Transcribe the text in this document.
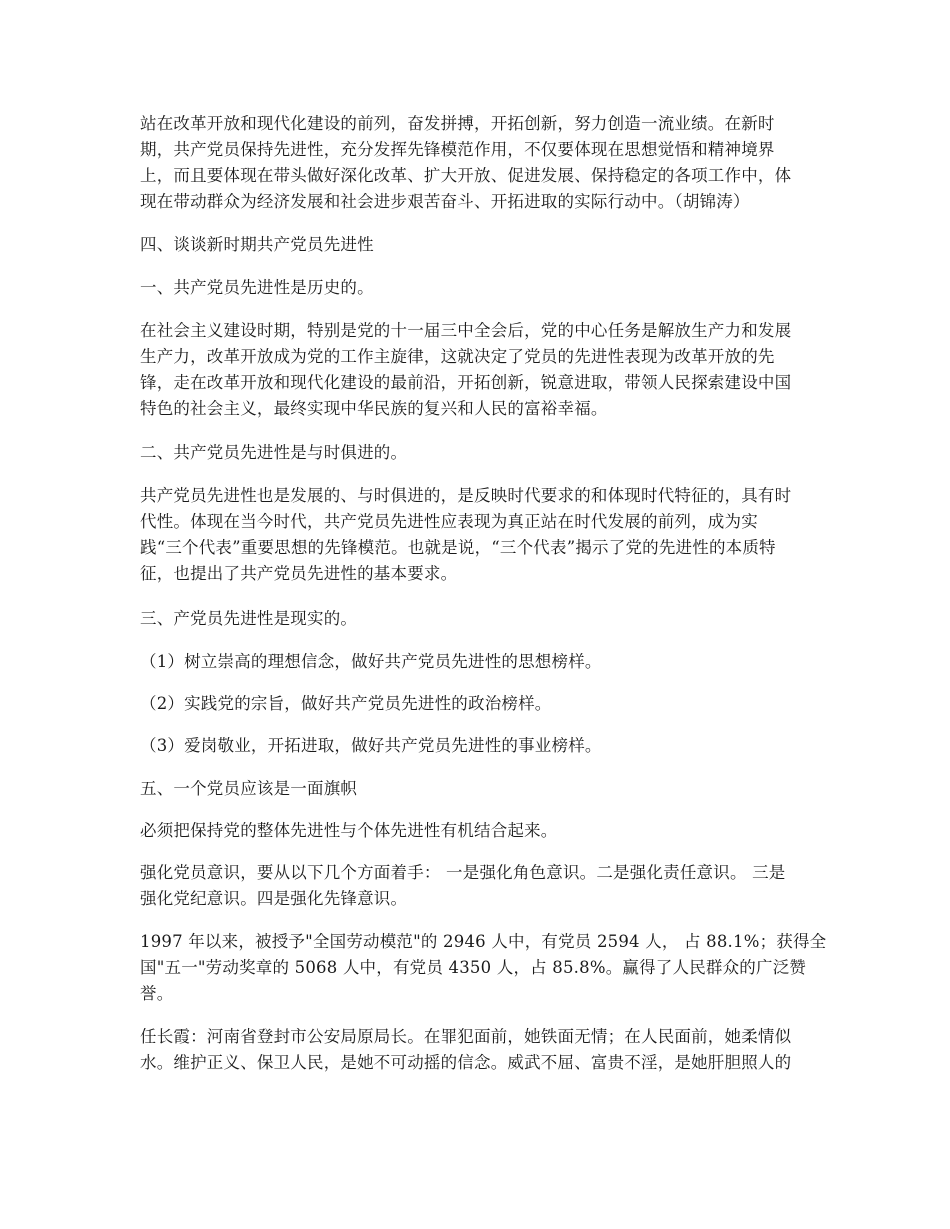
站在改革开放和现代化建设的前列，奋发拼搏，开拓创新，努力创造一流业绩。在新时
期，共产党员保持先进性，充分发挥先锋模范作用，不仅要体现在思想觉悟和精神境界
上，而且要体现在带头做好深化改革、扩大开放、促进发展、保持稳定的各项工作中，体
现在带动群众为经济发展和社会进步艰苦奋斗、开拓进取的实际行动中。（胡锦涛）

四、谈谈新时期共产党员先进性

一、共产党员先进性是历史的。

在社会主义建设时期，特别是党的十一届三中全会后，党的中心任务是解放生产力和发展
生产力，改革开放成为党的工作主旋律，这就决定了党员的先进性表现为改革开放的先
锋，走在改革开放和现代化建设的最前沿，开拓创新，锐意进取，带领人民探索建设中国
特色的社会主义，最终实现中华民族的复兴和人民的富裕幸福。

二、共产党员先进性是与时俱进的。

共产党员先进性也是发展的、与时俱进的，是反映时代要求的和体现时代特征的，具有时
代性。体现在当今时代，共产党员先进性应表现为真正站在时代发展的前列，成为实
践“三个代表”重要思想的先锋模范。也就是说，“三个代表”揭示了党的先进性的本质特
征，也提出了共产党员先进性的基本要求。

三、产党员先进性是现实的。

（1）树立崇高的理想信念，做好共产党员先进性的思想榜样。

（2）实践党的宗旨，做好共产党员先进性的政治榜样。

（3）爱岗敬业，开拓进取，做好共产党员先进性的事业榜样。

五、一个党员应该是一面旗帜

必须把保持党的整体先进性与个体先进性有机结合起来。

强化党员意识，要从以下几个方面着手： 一是强化角色意识。二是强化责任意识。 三是
强化党纪意识。四是强化先锋意识。

1997 年以来，被授予"全国劳动模范"的 2946 人中，有党员 2594 人， 占 88.1%；获得全
国"五一"劳动奖章的 5068 人中，有党员 4350 人，占 85.8%。赢得了人民群众的广泛赞
誉。

任长霞：河南省登封市公安局原局长。在罪犯面前，她铁面无情；在人民面前，她柔情似
水。维护正义、保卫人民，是她不可动摇的信念。威武不屈、富贵不淫，是她肝胆照人的
